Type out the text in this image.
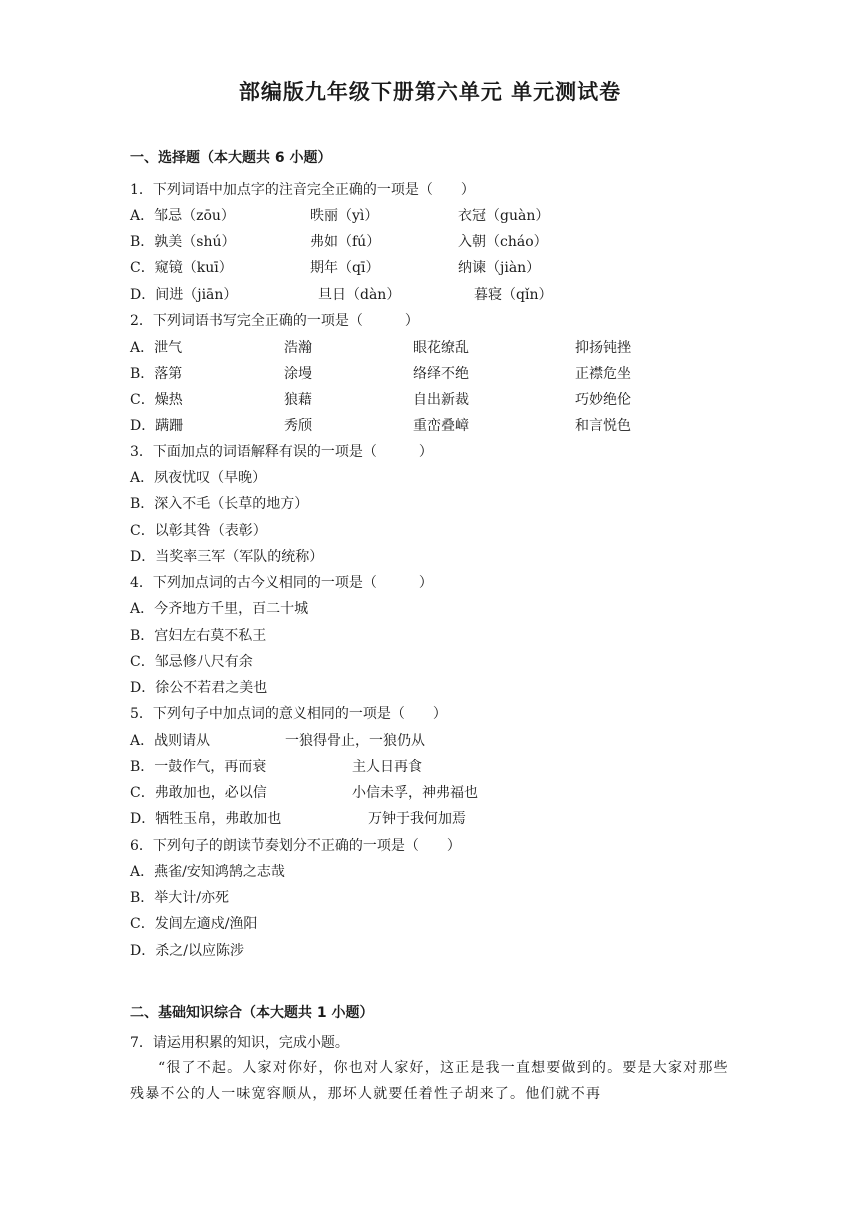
部编版九年级下册第六单元 单元测试卷
一、选择题（本大题共 6 小题）
1．下列词语中加点字的注音完全正确的一项是（　　）
A．邹忌（zōu）	昳丽（yì）	衣冠（guàn）
B．孰美（shú）	弗如（fú）	入朝（cháo）
C．窥镜（kuī）	期年（qī）	纳谏（jiàn）
D．间进（jiān）	旦日（dàn）	暮寝（qǐn）
2．下列词语书写完全正确的一项是（　　　）
A．泄气	浩瀚	眼花缭乱	抑扬钝挫
B．落第	涂墁	络绎不绝	正襟危坐
C．燥热	狼藉	自出新裁	巧妙绝伦
D．蹒跚	秀颀	重峦叠嶂	和言悦色
3．下面加点的词语解释有误的一项是（　　　）
A．夙夜忧叹（早晚）
B．深入不毛（长草的地方）
C．以彰其咎（表彰）
D．当奖率三军（军队的统称）
4．下列加点词的古今义相同的一项是（　　　）
A．今齐地方千里，百二十城
B．宫妇左右莫不私王
C．邹忌修八尺有余
D．徐公不若君之美也
5．下列句子中加点词的意义相同的一项是（　　）
A．战则请从	一狼得骨止，一狼仍从
B．一鼓作气，再而衰	主人日再食
C．弗敢加也，必以信	小信未孚，神弗福也
D．牺牲玉帛，弗敢加也	万钟于我何加焉
6．下列句子的朗读节奏划分不正确的一项是（　　）
A．燕雀/安知鸿鹄之志哉
B．举大计/亦死
C．发闾左適戍/渔阳
D．杀之/以应陈涉
二、基础知识综合（本大题共 1 小题）
7．请运用积累的知识，完成小题。
“很了不起。人家对你好，你也对人家好，这正是我一直想要做到的。要是大家对那些残暴不公的人一味宽容顺从，那坏人就要任着性子胡来了。他们就不再
